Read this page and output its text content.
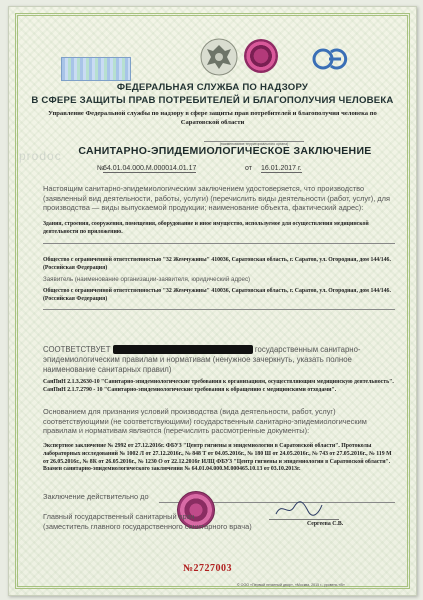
ФЕДЕРАЛЬНАЯ СЛУЖБА ПО НАДЗОРУ
В СФЕРЕ ЗАЩИТЫ ПРАВ ПОТРЕБИТЕЛЕЙ И БЛАГОПОЛУЧИЯ ЧЕЛОВЕКА
Управление Федеральной службы по надзору в сфере защиты прав потребителей и благополучия человека по Саратовской области
(наименование территориального органа)
prodoc	САНИТАРНО-ЭПИДЕМИОЛОГИЧЕСКОЕ ЗАКЛЮЧЕНИЕ
№
64.01.04.000.М.000014.01.17	от 16.01.2017 г.
Настоящим санитарно-эпидемиологическим заключением удостоверяется, что производство (заявленный вид деятельности, работы, услуги) (перечислить виды деятельности (работ, услуг), для производства — виды выпускаемой продукции; наименование объекта, фактический адрес):
Здания, строения, сооружения, помещения, оборудование и иное имущество, используемое для осуществления медицинской деятельности по приложению.
Общество с ограниченной ответственностью "32 Жемчужины" 410036, Саратовская область, г. Саратов, ул. Огородная, дом 144/146. (Российская Федерация)
Заявитель (наименование организации-заявителя, юридический адрес)
Общество с ограниченной ответственностью "32 Жемчужины" 410036, Саратовская область, г. Саратов, ул. Огородная, дом 144/146. (Российская Федерация)
СООТВЕТСТВУЕТ	государственным санитарно-эпидемиологическим правилам и нормативам (ненужное зачеркнуть, указать полное наименование санитарных правил)
СанПиН 2.1.3.2630-10 "Санитарно-эпидемиологические требования к организациям, осуществляющим медицинскую деятельность". СанПиН 2.1.7.2790 - 10 "Санитарно-эпидемиологические требования к обращению с медицинскими отходами".
Основанием для признания условий производства (вида деятельности, работ, услуг) соответствующими (не соответствующими) государственным санитарно-эпидемиологическим правилам и нормативам являются (перечислить рассмотренные документы):
Экспертное заключение № 2992 от 27.12.2016г. ФБУЗ "Центр гигиены и эпидемиологии в Саратовской области". Протоколы лабораторных исследований № 1002 Л от 27.12.2016г., № 848 Т от 04.05.2016г., № 180 Ш от 24.05.2016г., № 743 от 27.05.2016г., № 119 М от 26.05.2016г., № 8К от 26.05.2016г., № 1230 О от 22.12.2016г ИЛЦ ФБУЗ "Центр гигиены и эпидемиологии в Саратовской области". Взамен санитарно-эпидемиологического заключения № 64.01.04.000.М.000465.10.13 от 03.10.2013г.
Заключение действительно до
Главный государственный санитарный врач
(заместитель главного государственного санитарного врача)	Сергеева С.В.
№2727003
© ООО «Первый печатный двор», «Москва, 2015 г., уровень «В»
